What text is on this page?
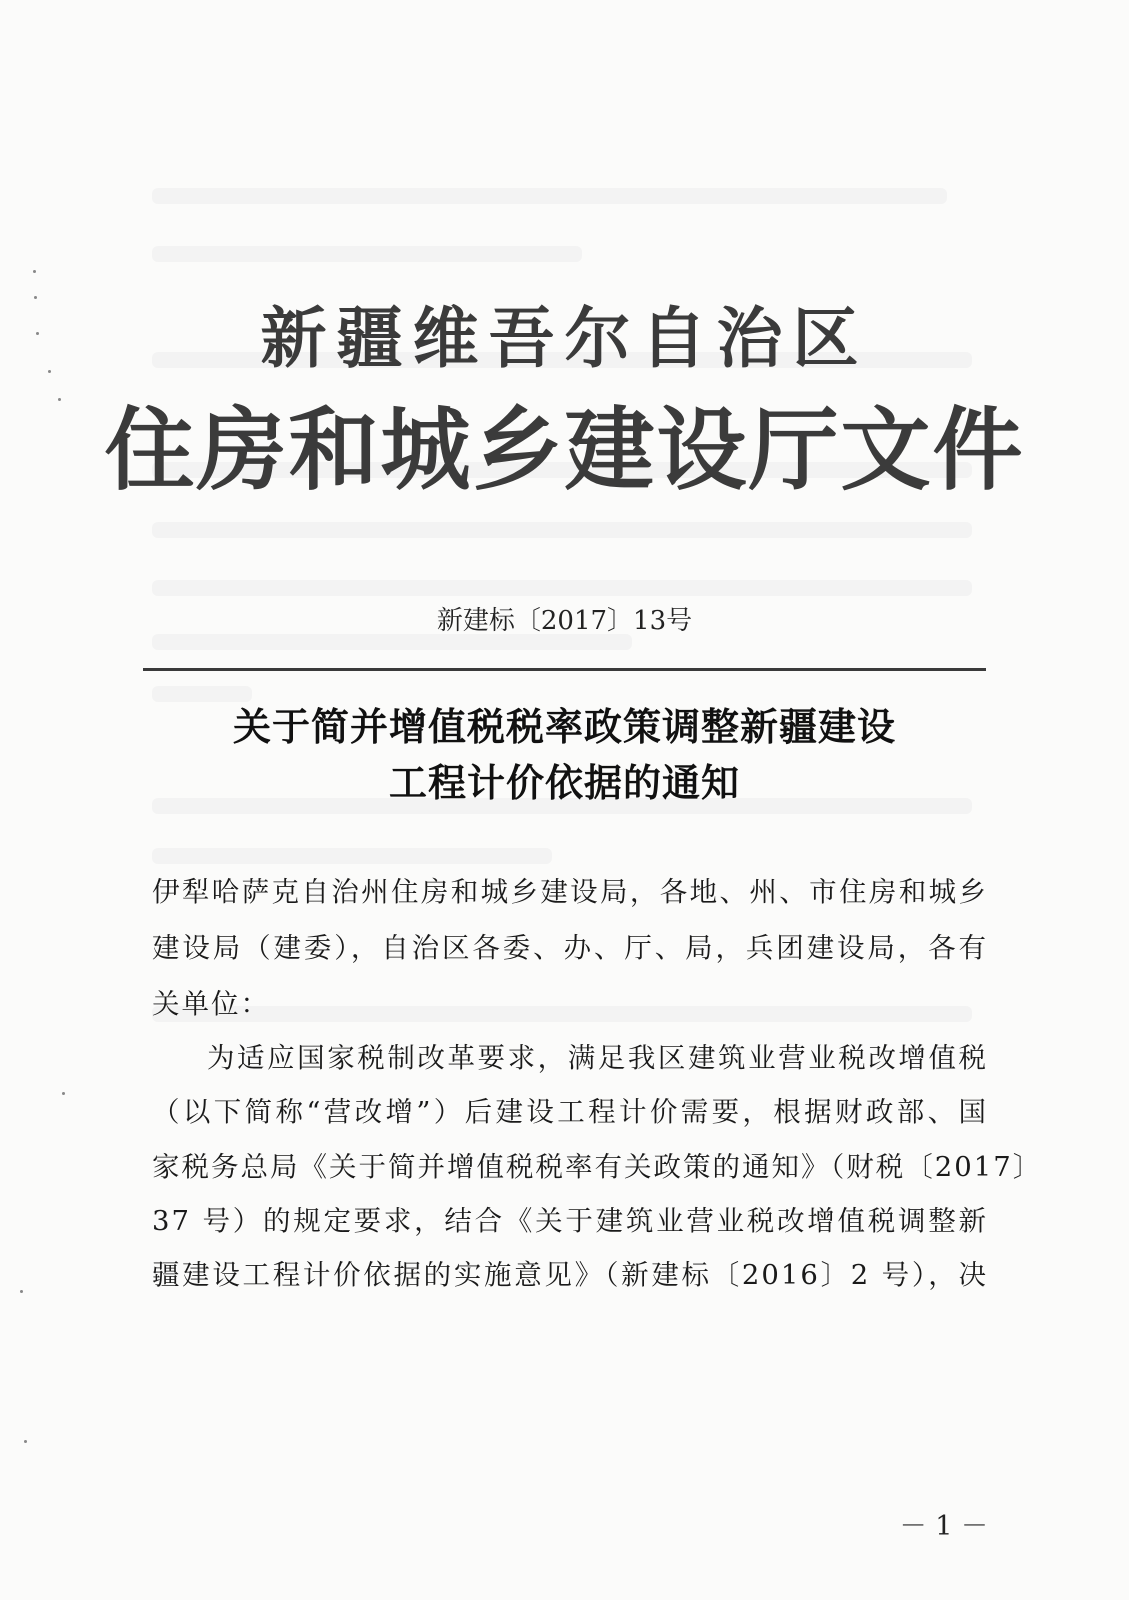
新疆维吾尔自治区
住房和城乡建设厅文件
新建标〔2017〕13号
关于简并增值税税率政策调整新疆建设
工程计价依据的通知
伊犁哈萨克自治州住房和城乡建设局，各地、州、市住房和城乡
建设局（建委），自治区各委、办、厅、局，兵团建设局，各有
关单位：
为适应国家税制改革要求，满足我区建筑业营业税改增值税
（以下简称“营改增”）后建设工程计价需要，根据财政部、国
家税务总局《关于简并增值税税率有关政策的通知》（财税〔2017〕
37 号）的规定要求，结合《关于建筑业营业税改增值税调整新
疆建设工程计价依据的实施意见》（新建标〔2016〕2 号），决
－ 1 －
